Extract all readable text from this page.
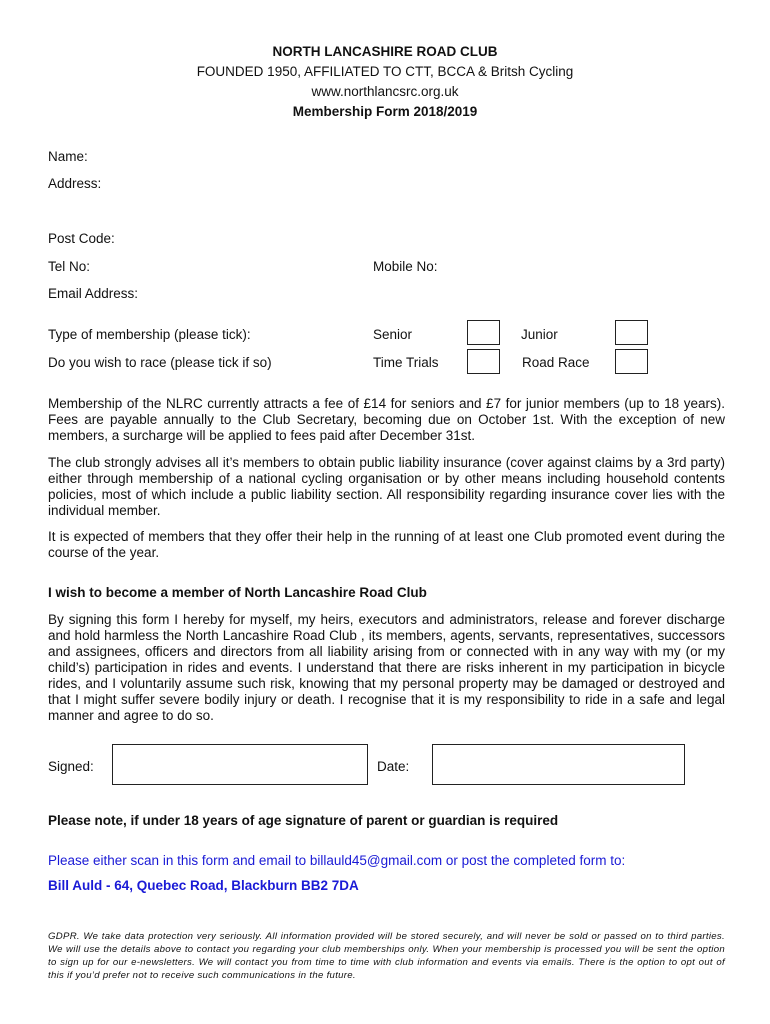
NORTH LANCASHIRE ROAD CLUB
FOUNDED 1950, AFFILIATED TO CTT, BCCA & Britsh Cycling
www.northlancsrc.org.uk
Membership Form 2018/2019
Name:
Address:
Post Code:
Tel No:	Mobile No:
Email Address:
Type of membership (please tick):	Senior	Junior
Do you wish to race (please tick if so)	Time Trials	Road Race
Membership of the NLRC currently attracts a fee of £14 for seniors and £7 for junior members (up to 18 years). Fees are payable annually to the Club Secretary, becoming due on October 1st. With the exception of new members, a surcharge will be applied to fees paid after December 31st.
The club strongly advises all it’s members to obtain public liability insurance (cover against claims by a 3rd party) either through membership of a national cycling organisation or by other means including household contents policies, most of which include a public liability section. All responsibility regarding insurance cover lies with the individual member.
It is expected of members that they offer their help in the running of at least one Club promoted event during the course of the year.
I wish to become a member of North Lancashire Road Club
By signing this form I hereby for myself, my heirs, executors and administrators, release and forever discharge and hold harmless the North Lancashire Road Club , its members, agents, servants, representatives, successors and assignees, officers and directors from all liability arising from or connected with in any way with my (or my child’s) participation in rides and events. I understand that there are risks inherent in my participation in bicycle rides, and I voluntarily assume such risk, knowing that my personal property may be damaged or destroyed and that I might suffer severe bodily injury or death. I recognise that it is my responsibility to ride in a safe and legal manner and agree to do so.
Signed:	Date:
Please note, if under 18 years of age signature of parent or guardian is required
Please either scan in this form and email to billauld45@gmail.com or post the completed form to:
Bill Auld - 64, Quebec Road, Blackburn BB2 7DA
GDPR. We take data protection very seriously. All information provided will be stored securely, and will never be sold or passed on to third parties. We will use the details above to contact you regarding your club memberships only. When your membership is processed you will be sent the option to sign up for our e-newsletters. We will contact you from time to time with club information and events via emails. There is the option to opt out of this if you’d prefer not to receive such communications in the future.
